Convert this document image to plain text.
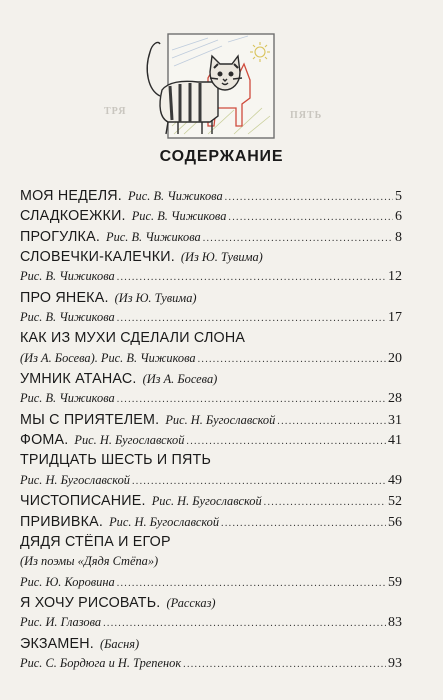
ТРЯ	ПЯТЬ
СОДЕРЖАНИЕ
МОЯ НЕДЕЛЯ. Рис. В. Чижикова .....	5
СЛАДКОЕЖКИ. Рис. В. Чижикова .....	6
ПРОГУЛКА. Рис. В. Чижикова .....	8
СЛОВЕЧКИ-КАЛЕЧКИ. (Из Ю. Тувима)
Рис. В. Чижикова .....	12
ПРО ЯНЕКА. (Из Ю. Тувима)
Рис. В. Чижикова .....	17
КАК ИЗ МУХИ СДЕЛАЛИ СЛОНА
(Из А. Босева). Рис. В. Чижикова .....	20
УМНИК АТАНАС. (Из А. Босева)
Рис. В. Чижикова .....	28
МЫ С ПРИЯТЕЛЕМ. Рис. Н. Бугославской .....	31
ФОМА. Рис. Н. Бугославской .....	41
ТРИДЦАТЬ ШЕСТЬ И ПЯТЬ
Рис. Н. Бугославской .....	49
ЧИСТОПИСАНИЕ. Рис. Н. Бугославской .....	52
ПРИВИВКА. Рис. Н. Бугославской .....	56
ДЯДЯ СТЁПА И ЕГОР
(Из поэмы «Дядя Стёпа»)
Рис. Ю. Коровина .....	59
Я ХОЧУ РИСОВАТЬ. (Рассказ)
Рис. И. Глазова .....	83
ЭКЗАМЕН. (Басня)
Рис. С. Бордюга и Н. Трепенок .....	93
